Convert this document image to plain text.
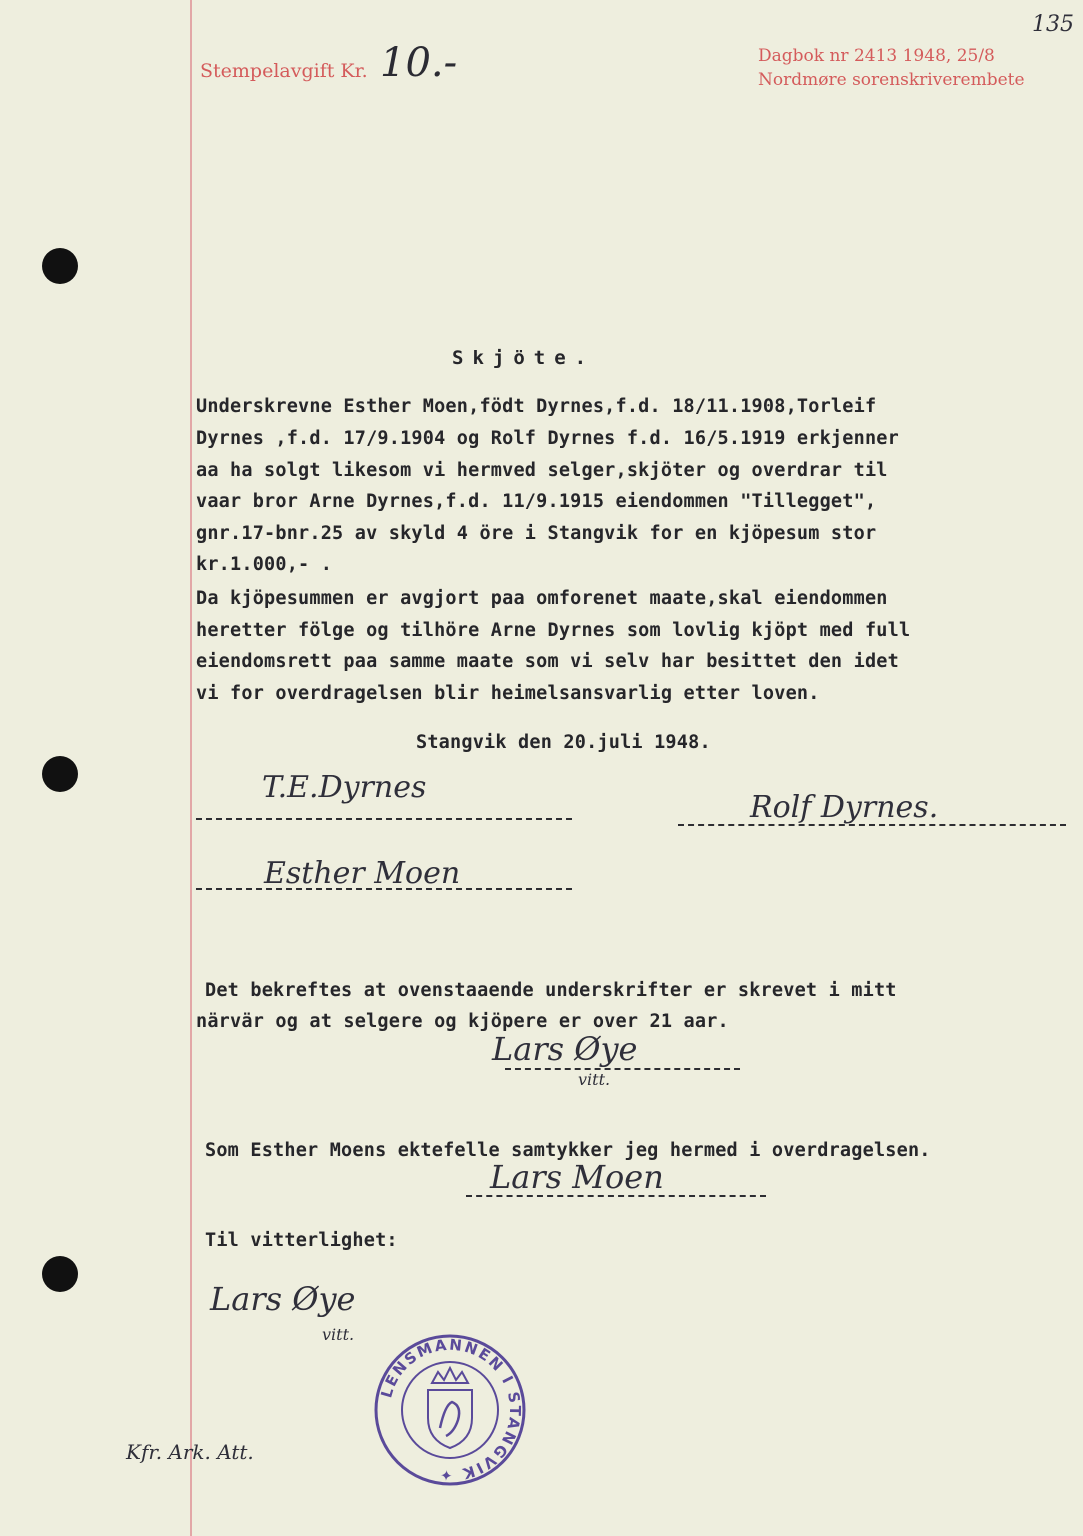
Stempelavgift Kr. 10.-	Dagbok nr 2413 1948, 25/8
Nordmøre sorenskriverembete
135
Skjöte.
Underskrevne Esther Moen,födt Dyrnes,f.d. 18/11.1908,Torleif
Dyrnes ,f.d. 17/9.1904 og Rolf Dyrnes f.d. 16/5.1919 erkjenner
aa ha solgt likesom vi hermved selger,skjöter og overdrar til
vaar bror Arne Dyrnes,f.d. 11/9.1915 eiendommen "Tillegget",
gnr.17-bnr.25 av skyld 4 öre i Stangvik for en kjöpesum stor
kr.1.000,- .
Da kjöpesummen er avgjort paa omforenet maate,skal eiendommen
heretter fölge og tilhöre Arne Dyrnes som lovlig kjöpt med full
eiendomsrett paa samme maate som vi selv har besittet den idet
vi for overdragelsen blir heimelsansvarlig etter loven.
Stangvik den 20.juli 1948.
T.E.Dyrnes
Rolf Dyrnes.
Esther Moen
Det bekreftes at ovenstaaende underskrifter er skrevet i mitt
närvär og at selgere og kjöpere er over 21 aar.
Lars Øye
vitt.
Som Esther Moens ektefelle samtykker jeg hermed i overdragelsen.
Lars Moen
Til vitterlighet:
Lars Øye
vitt.
Kfr. Ark. Att.
LENSMANNEN I STANGVIK ✦
